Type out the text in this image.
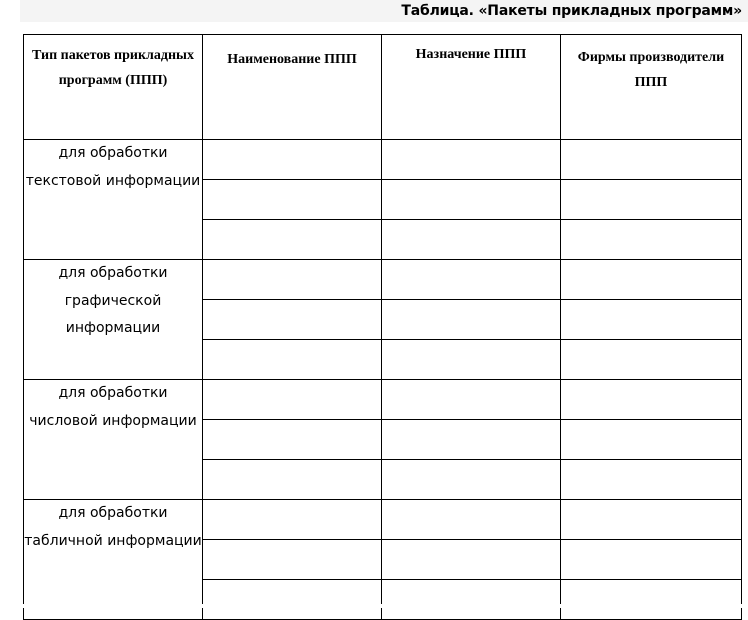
Таблица. «Пакеты прикладных программ»
Тип пакетов прикладных программ (ППП)	Наименование ППП	Назначение ППП	Фирмы производители ППП
для обработки текстовой информации			

для обработки графической информации			

для обработки числовой информации			

для обработки табличной информации			
